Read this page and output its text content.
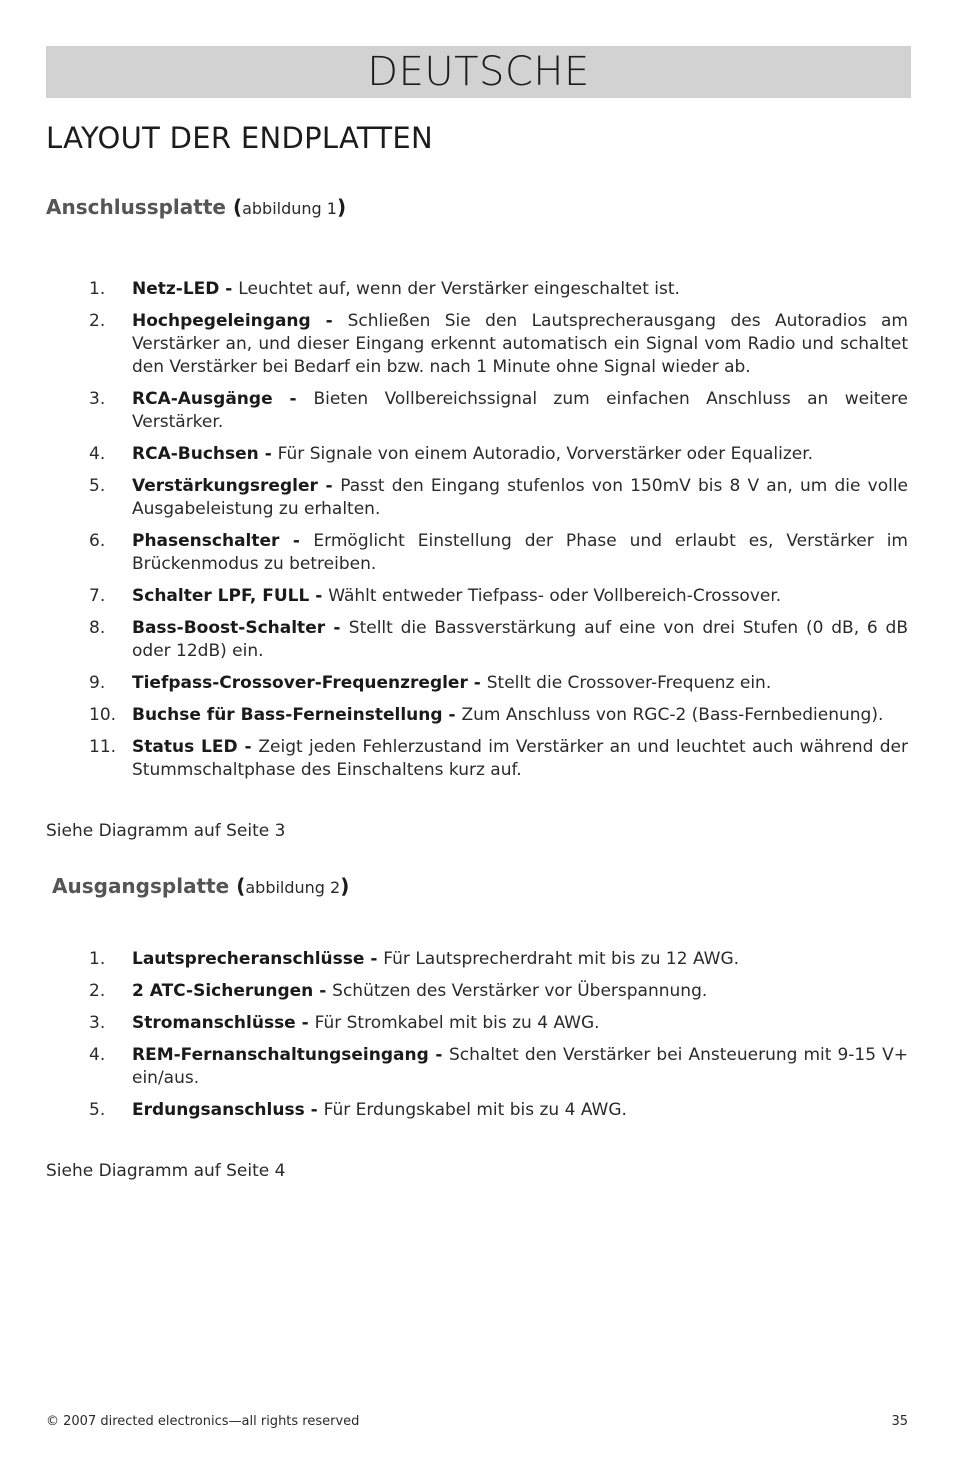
DEUTSCHE
LAYOUT DER ENDPLATTEN
Anschlussplatte (abbildung 1)
1. Netz-LED - Leuchtet auf, wenn der Verstärker eingeschaltet ist.
2. Hochpegeleingang - Schließen Sie den Lautsprecherausgang des Autoradios am Verstärker an, und dieser Eingang erkennt automatisch ein Signal vom Radio und schaltet den Verstärker bei Bedarf ein bzw. nach 1 Minute ohne Signal wieder ab.
3. RCA-Ausgänge - Bieten Vollbereichssignal zum einfachen Anschluss an weitere Verstärker.
4. RCA-Buchsen - Für Signale von einem Autoradio, Vorverstärker oder Equalizer.
5. Verstärkungsregler - Passt den Eingang stufenlos von 150mV bis 8 V an, um die volle Ausgabeleistung zu erhalten.
6. Phasenschalter - Ermöglicht Einstellung der Phase und erlaubt es, Verstärker im Brückenmodus zu betreiben.
7. Schalter LPF, FULL - Wählt entweder Tiefpass- oder Vollbereich-Crossover.
8. Bass-Boost-Schalter - Stellt die Bassverstärkung auf eine von drei Stufen (0 dB, 6 dB oder 12dB) ein.
9. Tiefpass-Crossover-Frequenzregler - Stellt die Crossover-Frequenz ein.
10. Buchse für Bass-Ferneinstellung - Zum Anschluss von RGC-2 (Bass-Fernbedienung).
11. Status LED - Zeigt jeden Fehlerzustand im Verstärker an und leuchtet auch während der Stummschaltphase des Einschaltens kurz auf.

Siehe Diagramm auf Seite 3

Ausgangsplatte (abbildung 2)
1. Lautsprecheranschlüsse - Für Lautsprecherdraht mit bis zu 12 AWG.
2. 2 ATC-Sicherungen - Schützen des Verstärker vor Überspannung.
3. Stromanschlüsse - Für Stromkabel mit bis zu 4 AWG.
4. REM-Fernanschaltungseingang - Schaltet den Verstärker bei Ansteuerung mit 9-15 V+ ein/aus.
5. Erdungsanschluss - Für Erdungskabel mit bis zu 4 AWG.

Siehe Diagramm auf Seite 4

© 2007 directed electronics—all rights reserved	35
